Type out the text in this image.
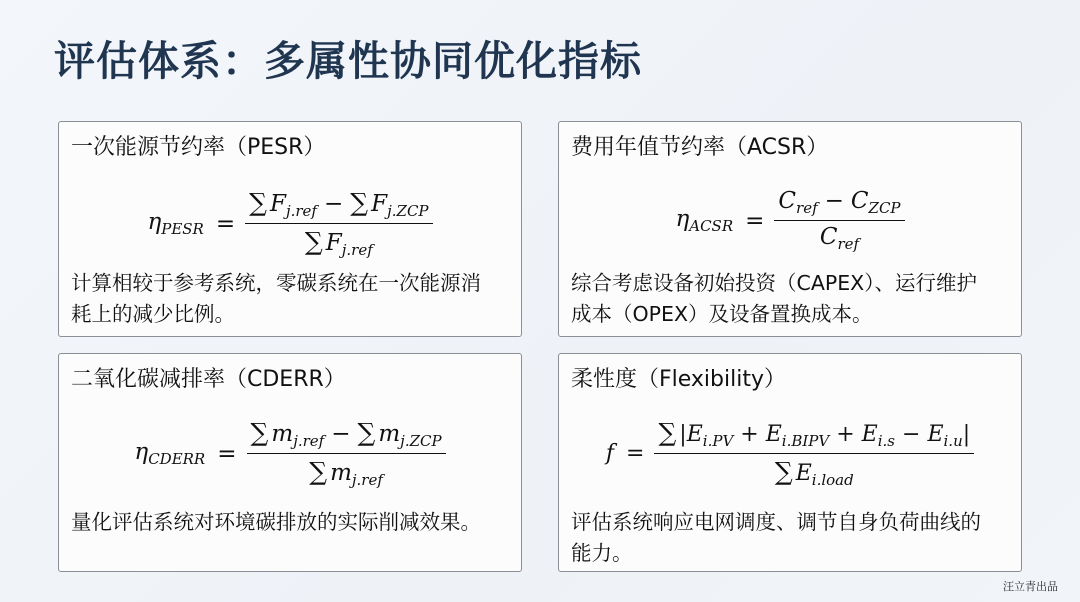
评估体系：多属性协同优化指标
一次能源节约率（PESR）
$\eta_{PESR} = \frac{\sum F_{j.ref} - \sum F_{j.ZCP}}{\sum F_{j.ref}}$
计算相较于参考系统，零碳系统在一次能源消
耗上的减少比例。
费用年值节约率（ACSR）
$\eta_{ACSR} = \frac{C_{ref} - C_{ZCP}}{C_{ref}}$
综合考虑设备初始投资（CAPEX）、运行维护
成本（OPEX）及设备置换成本。
二氧化碳减排率（CDERR）
$\eta_{CDERR} = \frac{\sum m_{j.ref} - \sum m_{j.ZCP}}{\sum m_{j.ref}}$
量化评估系统对环境碳排放的实际削减效果。
柔性度（Flexibility）
$f = \frac{\sum |E_{i.PV} + E_{i.BIPV} + E_{i.s} - E_{i.u}|}{\sum E_{i.load}}$
评估系统响应电网调度、调节自身负荷曲线的
能力。
汪立青出品
